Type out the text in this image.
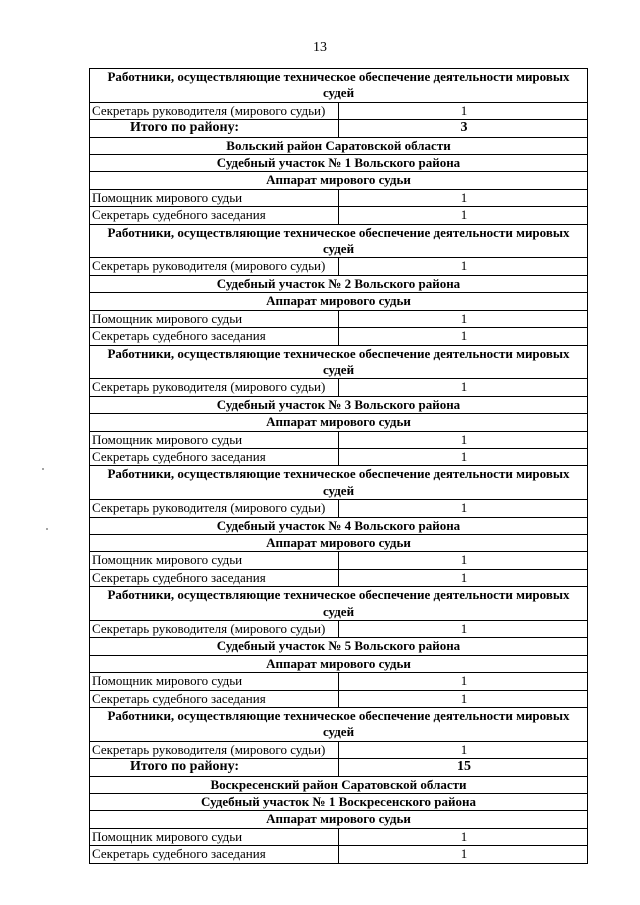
13
Работники, осуществляющие техническое обеспечение деятельности мировых судей	
Секретарь руководителя (мирового судьи)	1
Итого по району:	3
Вольский район Саратовской области	
Судебный участок № 1 Вольского района	
Аппарат мирового судьи	
Помощник мирового судьи	1
Секретарь судебного заседания	1
Работники, осуществляющие техническое обеспечение деятельности мировых судей	
Секретарь руководителя (мирового судьи)	1
Судебный участок № 2 Вольского района	
Аппарат мирового судьи	
Помощник мирового судьи	1
Секретарь судебного заседания	1
Работники, осуществляющие техническое обеспечение деятельности мировых судей	
Секретарь руководителя (мирового судьи)	1
Судебный участок № 3 Вольского района	
Аппарат мирового судьи	
Помощник мирового судьи	1
Секретарь судебного заседания	1
Работники, осуществляющие техническое обеспечение деятельности мировых судей	
Секретарь руководителя (мирового судьи)	1
Судебный участок № 4 Вольского района	
Аппарат мирового судьи	
Помощник мирового судьи	1
Секретарь судебного заседания	1
Работники, осуществляющие техническое обеспечение деятельности мировых судей	
Секретарь руководителя (мирового судьи)	1
Судебный участок № 5 Вольского района	
Аппарат мирового судьи	
Помощник мирового судьи	1
Секретарь судебного заседания	1
Работники, осуществляющие техническое обеспечение деятельности мировых судей	
Секретарь руководителя (мирового судьи)	1
Итого по району:	15
Воскресенский район Саратовской области	
Судебный участок № 1 Воскресенского района	
Аппарат мирового судьи	
Помощник мирового судьи	1
Секретарь судебного заседания	1
